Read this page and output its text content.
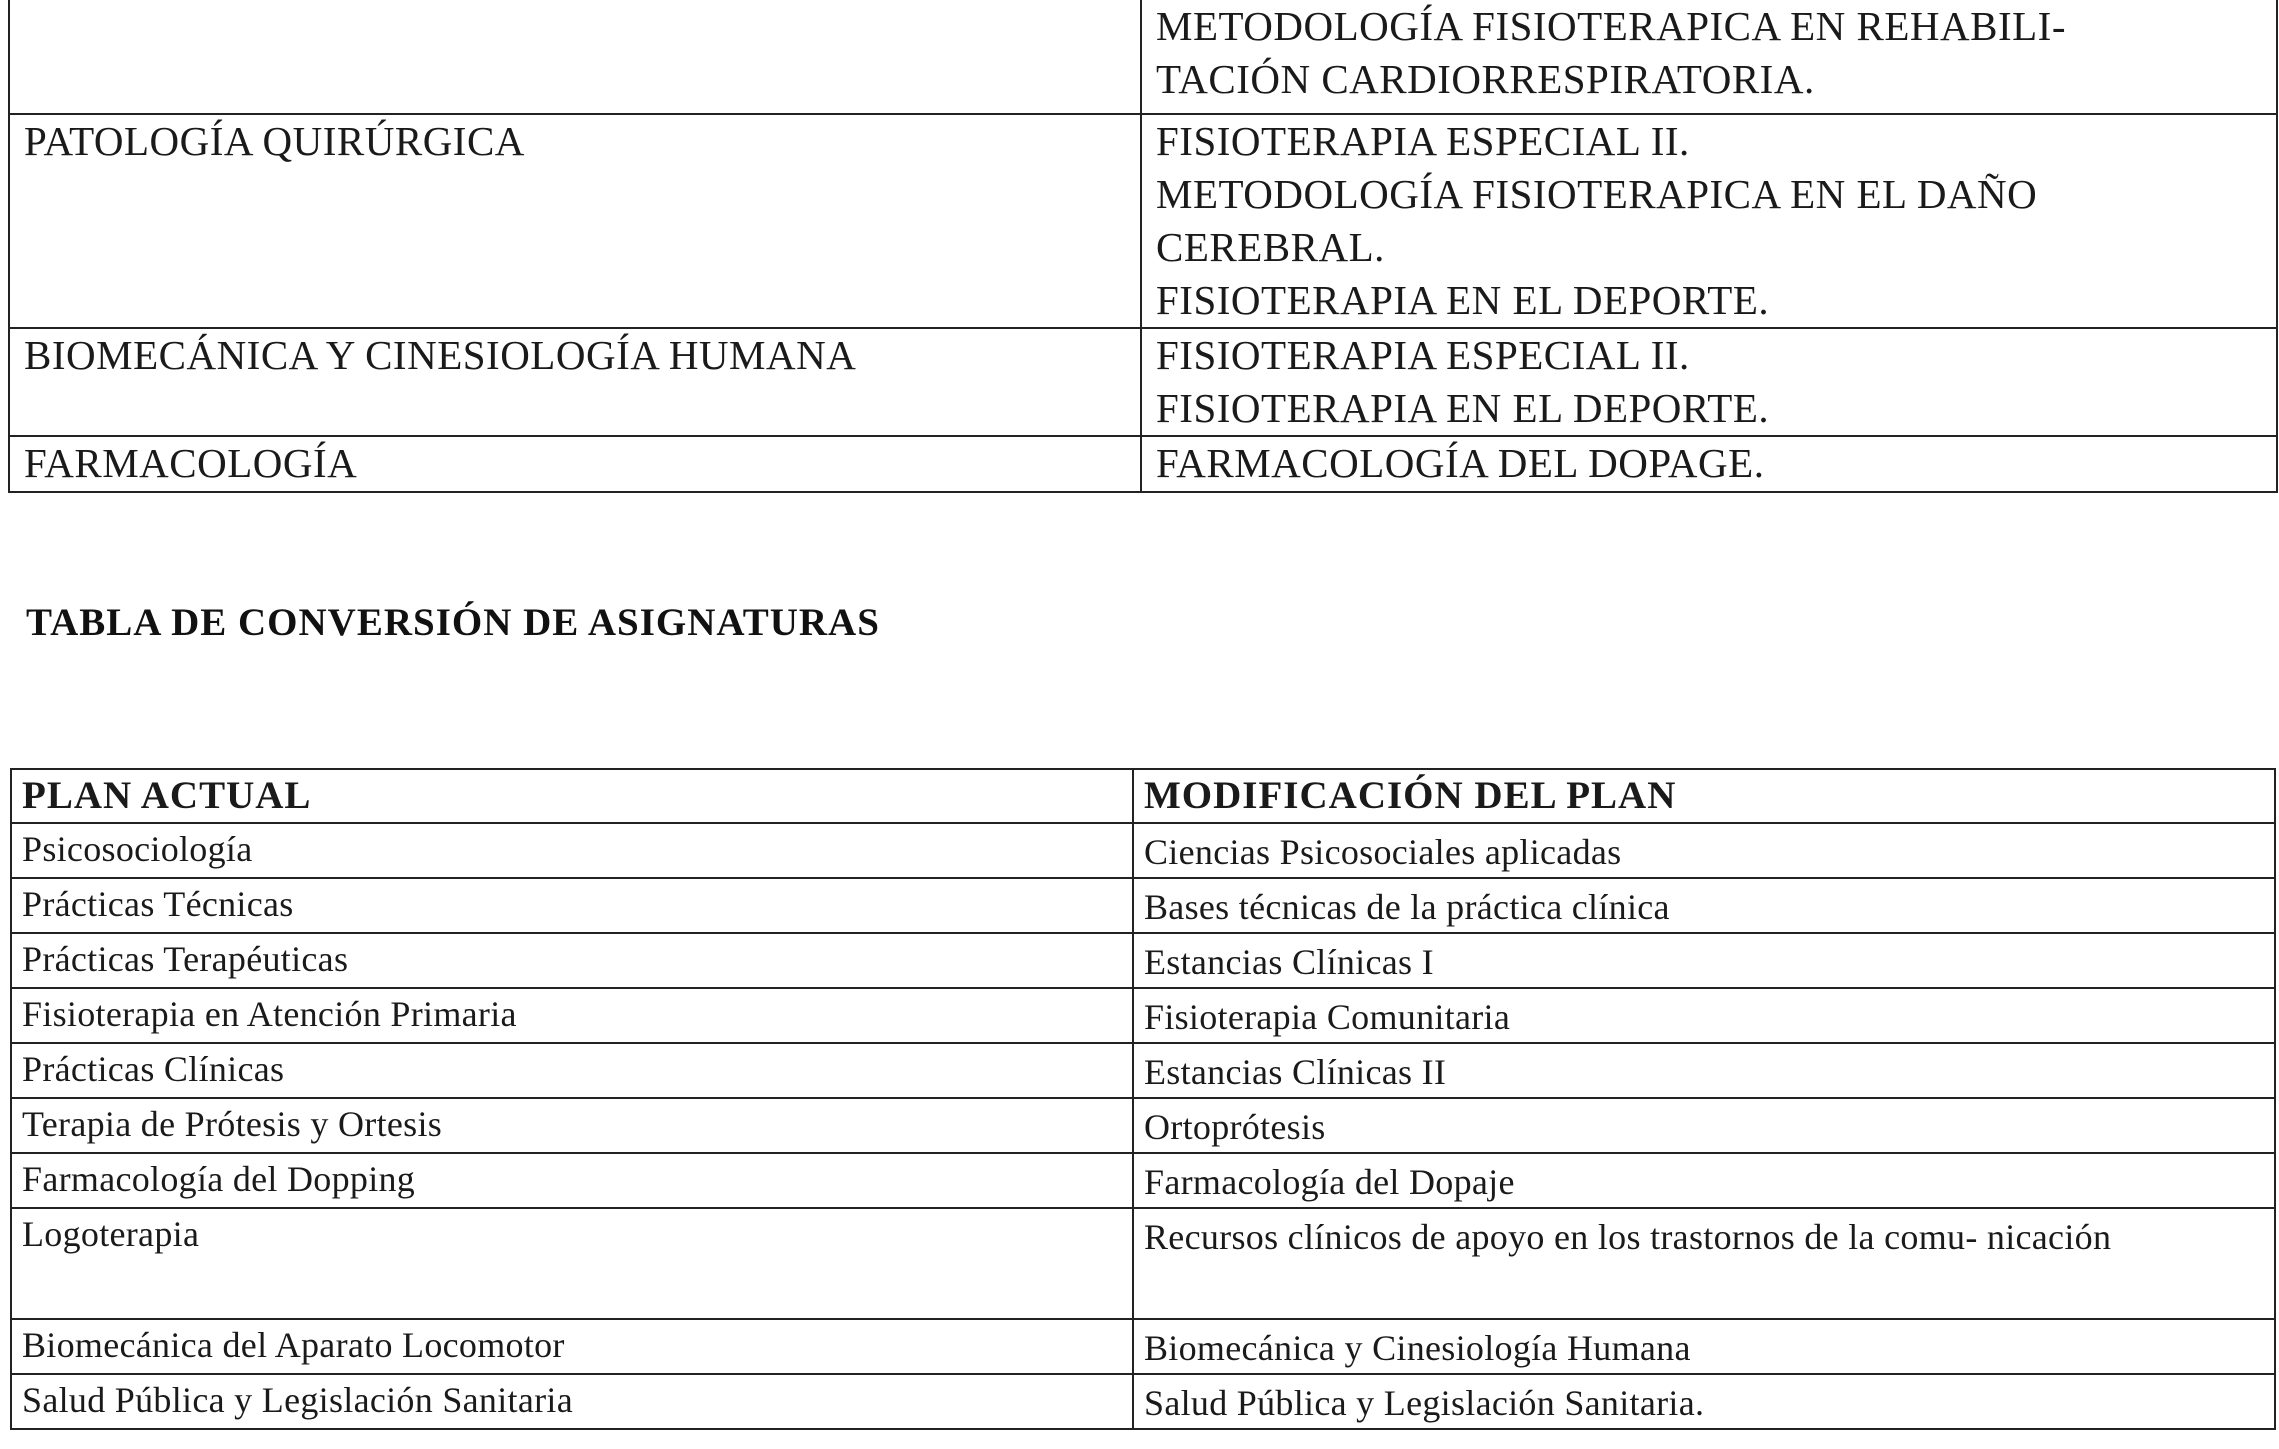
	METODOLOGÍA FISIOTERAPICA EN REHABILI-
TACIÓN CARDIORRESPIRATORIA.

PATOLOGÍA QUIRÚRGICA	FISIOTERAPIA ESPECIAL II.
METODOLOGÍA FISIOTERAPICA EN EL DAÑO
CEREBRAL.
FISIOTERAPIA EN EL DEPORTE.

BIOMECÁNICA Y CINESIOLOGÍA HUMANA	FISIOTERAPIA ESPECIAL II.
FISIOTERAPIA EN EL DEPORTE.

FARMACOLOGÍA	FARMACOLOGÍA DEL DOPAGE.
TABLA DE CONVERSIÓN DE ASIGNATURAS
PLAN ACTUAL	MODIFICACIÓN DEL PLAN
Psicosociología	Ciencias Psicosociales aplicadas
Prácticas Técnicas	Bases técnicas de la práctica clínica
Prácticas Terapéuticas	Estancias Clínicas I
Fisioterapia en Atención Primaria	Fisioterapia Comunitaria
Prácticas Clínicas	Estancias Clínicas II
Terapia de Prótesis y Ortesis	Ortoprótesis
Farmacología del Dopping	Farmacología del Dopaje
Logoterapia	Recursos clínicos de apoyo en los trastornos de la comu- nicación
Biomecánica del Aparato Locomotor	Biomecánica y Cinesiología Humana
Salud Pública y Legislación Sanitaria	Salud Pública y Legislación Sanitaria.
